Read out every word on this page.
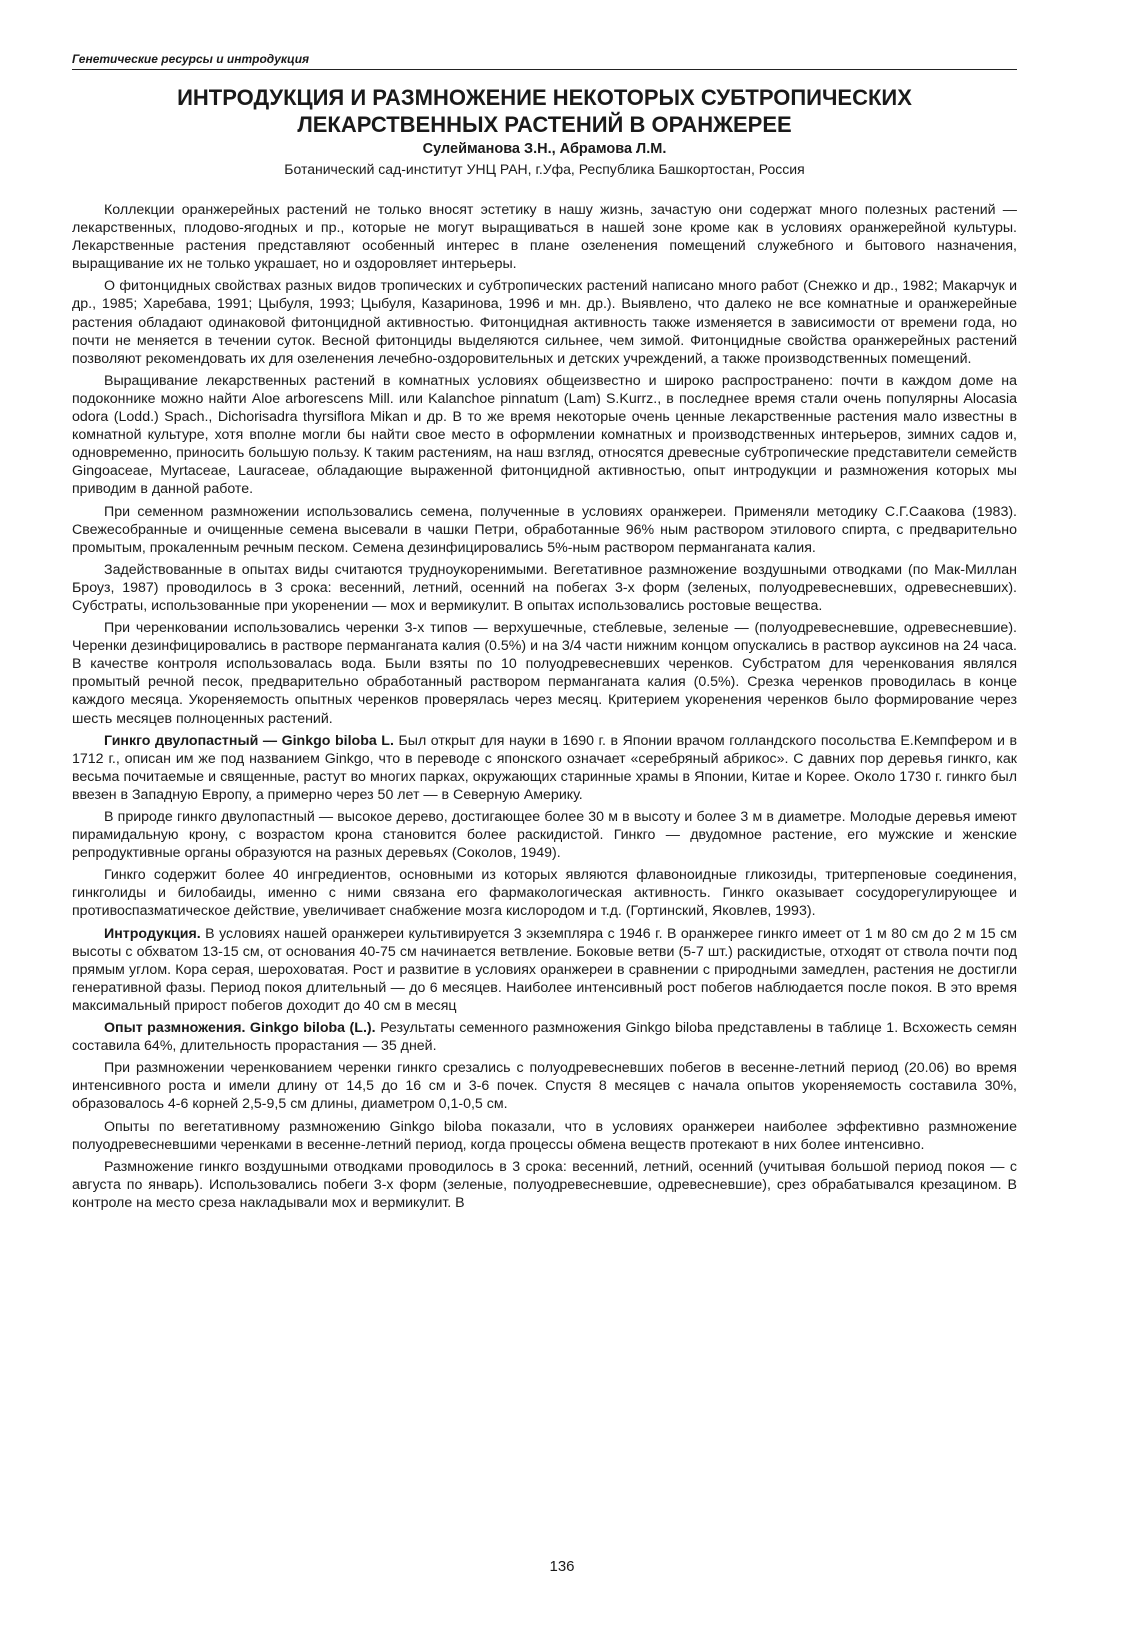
Генетические ресурсы и интродукция
ИНТРОДУКЦИЯ И РАЗМНОЖЕНИЕ НЕКОТОРЫХ СУБТРОПИЧЕСКИХ ЛЕКАРСТВЕННЫХ РАСТЕНИЙ В ОРАНЖЕРЕЕ
Сулейманова З.Н., Абрамова Л.М.
Ботанический сад-институт УНЦ РАН, г.Уфа, Республика Башкортостан, Россия

Коллекции оранжерейных растений не только вносят эстетику в нашу жизнь, зачастую они содержат много полезных растений — лекарственных, плодово-ягодных и пр., которые не могут выращиваться в нашей зоне кроме как в условиях оранжерейной культуры. Лекарственные растения представляют особенный интерес в плане озеленения помещений служебного и бытового назначения, выращивание их не только украшает, но и оздоровляет интерьеры.

О фитонцидных свойствах разных видов тропических и субтропических растений написано много работ (Снежко и др., 1982; Макарчук и др., 1985; Харебава, 1991; Цыбуля, 1993; Цыбуля, Казаринова, 1996 и мн. др.). Выявлено, что далеко не все комнатные и оранжерейные растения обладают одинаковой фитонцидной активностью. Фитонцидная активность также изменяется в зависимости от времени года, но почти не меняется в течении суток. Весной фитонциды выделяются сильнее, чем зимой. Фитонцидные свойства оранжерейных растений позволяют рекомендовать их для озеленения лечебно-оздоровительных и детских учреждений, а также производственных помещений.

Выращивание лекарственных растений в комнатных условиях общеизвестно и широко распространено: почти в каждом доме на подоконнике можно найти Aloe arborescens Mill. или Kalanchoe pinnatum (Lam) S.Kurrz., в последнее время стали очень популярны Alocasia odora (Lodd.) Spach., Dichorisadra thyrsiflora Mikan и др. В то же время некоторые очень ценные лекарственные растения мало известны в комнатной культуре, хотя вполне могли бы найти свое место в оформлении комнатных и производственных интерьеров, зимних садов и, одновременно, приносить большую пользу. К таким растениям, на наш взгляд, относятся древесные субтропические представители семейств Gingoaceae, Myrtaceae, Lauraceae, обладающие выраженной фитонцидной активностью, опыт интродукции и размножения которых мы приводим в данной работе.

При семенном размножении использовались семена, полученные в условиях оранжереи. Применяли методику С.Г.Саакова (1983). Свежесобранные и очищенные семена высевали в чашки Петри, обработанные 96% ным раствором этилового спирта, с предварительно промытым, прокаленным речным песком. Семена дезинфицировались 5%-ным раствором перманганата калия.

Задействованные в опытах виды считаются трудноукоренимыми. Вегетативное размножение воздушными отводками (по Мак-Миллан Броуз, 1987) проводилось в 3 срока: весенний, летний, осенний на побегах 3-х форм (зеленых, полуодревесневших, одревесневших). Субстраты, использованные при укоренении — мох и вермикулит. В опытах использовались ростовые вещества.

При черенковании использовались черенки 3-х типов — верхушечные, стеблевые, зеленые — (полуодревесневшие, одревесневшие). Черенки дезинфицировались в растворе перманганата калия (0.5%) и на 3/4 части нижним концом опускались в раствор ауксинов на 24 часа. В качестве контроля использовалась вода. Были взяты по 10 полуодревесневших черенков. Субстратом для черенкования являлся промытый речной песок, предварительно обработанный раствором перманганата калия (0.5%). Срезка черенков проводилась в конце каждого месяца. Укореняемость опытных черенков проверялась через месяц. Критерием укоренения черенков было формирование через шесть месяцев полноценных растений.

Гинкго двулопастный — Ginkgo biloba L. Был открыт для науки в 1690 г. в Японии врачом голландского посольства Е.Кемпфером и в 1712 г., описан им же под названием Ginkgo, что в переводе с японского означает «серебряный абрикос». С давних пор деревья гинкго, как весьма почитаемые и священные, растут во многих парках, окружающих старинные храмы в Японии, Китае и Корее. Около 1730 г. гинкго был ввезен в Западную Европу, а примерно через 50 лет — в Северную Америку.

В природе гинкго двулопастный — высокое дерево, достигающее более 30 м в высоту и более 3 м в диаметре. Молодые деревья имеют пирамидальную крону, с возрастом крона становится более раскидистой. Гинкго — двудомное растение, его мужские и женские репродуктивные органы образуются на разных деревьях (Соколов, 1949).

Гинкго содержит более 40 ингредиентов, основными из которых являются флавоноидные гликозиды, тритерпеновые соединения, гинкголиды и билобаиды, именно с ними связана его фармакологическая активность. Гинкго оказывает сосудорегулирующее и противоспазматическое действие, увеличивает снабжение мозга кислородом и т.д. (Гортинский, Яковлев, 1993).

Интродукция. В условиях нашей оранжереи культивируется 3 экземпляра с 1946 г. В оранжерее гинкго имеет от 1 м 80 см до 2 м 15 см высоты с обхватом 13-15 см, от основания 40-75 см начинается ветвление. Боковые ветви (5-7 шт.) раскидистые, отходят от ствола почти под прямым углом. Кора серая, шероховатая. Рост и развитие в условиях оранжереи в сравнении с природными замедлен, растения не достигли генеративной фазы. Период покоя длительный — до 6 месяцев. Наиболее интенсивный рост побегов наблюдается после покоя. В это время максимальный прирост побегов доходит до 40 см в месяц

Опыт размножения. Ginkgo biloba (L.). Результаты семенного размножения Ginkgo biloba представлены в таблице 1. Всхожесть семян составила 64%, длительность прорастания — 35 дней.

При размножении черенкованием черенки гинкго срезались с полуодревесневших побегов в весенне-летний период (20.06) во время интенсивного роста и имели длину от 14,5 до 16 см и 3-6 почек. Спустя 8 месяцев с начала опытов укореняемость составила 30%, образовалось 4-6 корней 2,5-9,5 см длины, диаметром 0,1-0,5 см.

Опыты по вегетативному размножению Ginkgo biloba показали, что в условиях оранжереи наиболее эффективно размножение полуодревесневшими черенками в весенне-летний период, когда процессы обмена веществ протекают в них более интенсивно.

Размножение гинкго воздушными отводками проводилось в 3 срока: весенний, летний, осенний (учитывая большой период покоя — с августа по январь). Использовались побеги 3-х форм (зеленые, полуодревесневшие, одревесневшие), срез обрабатывался крезацином. В контроле на место среза накладывали мох и вермикулит. В

136
